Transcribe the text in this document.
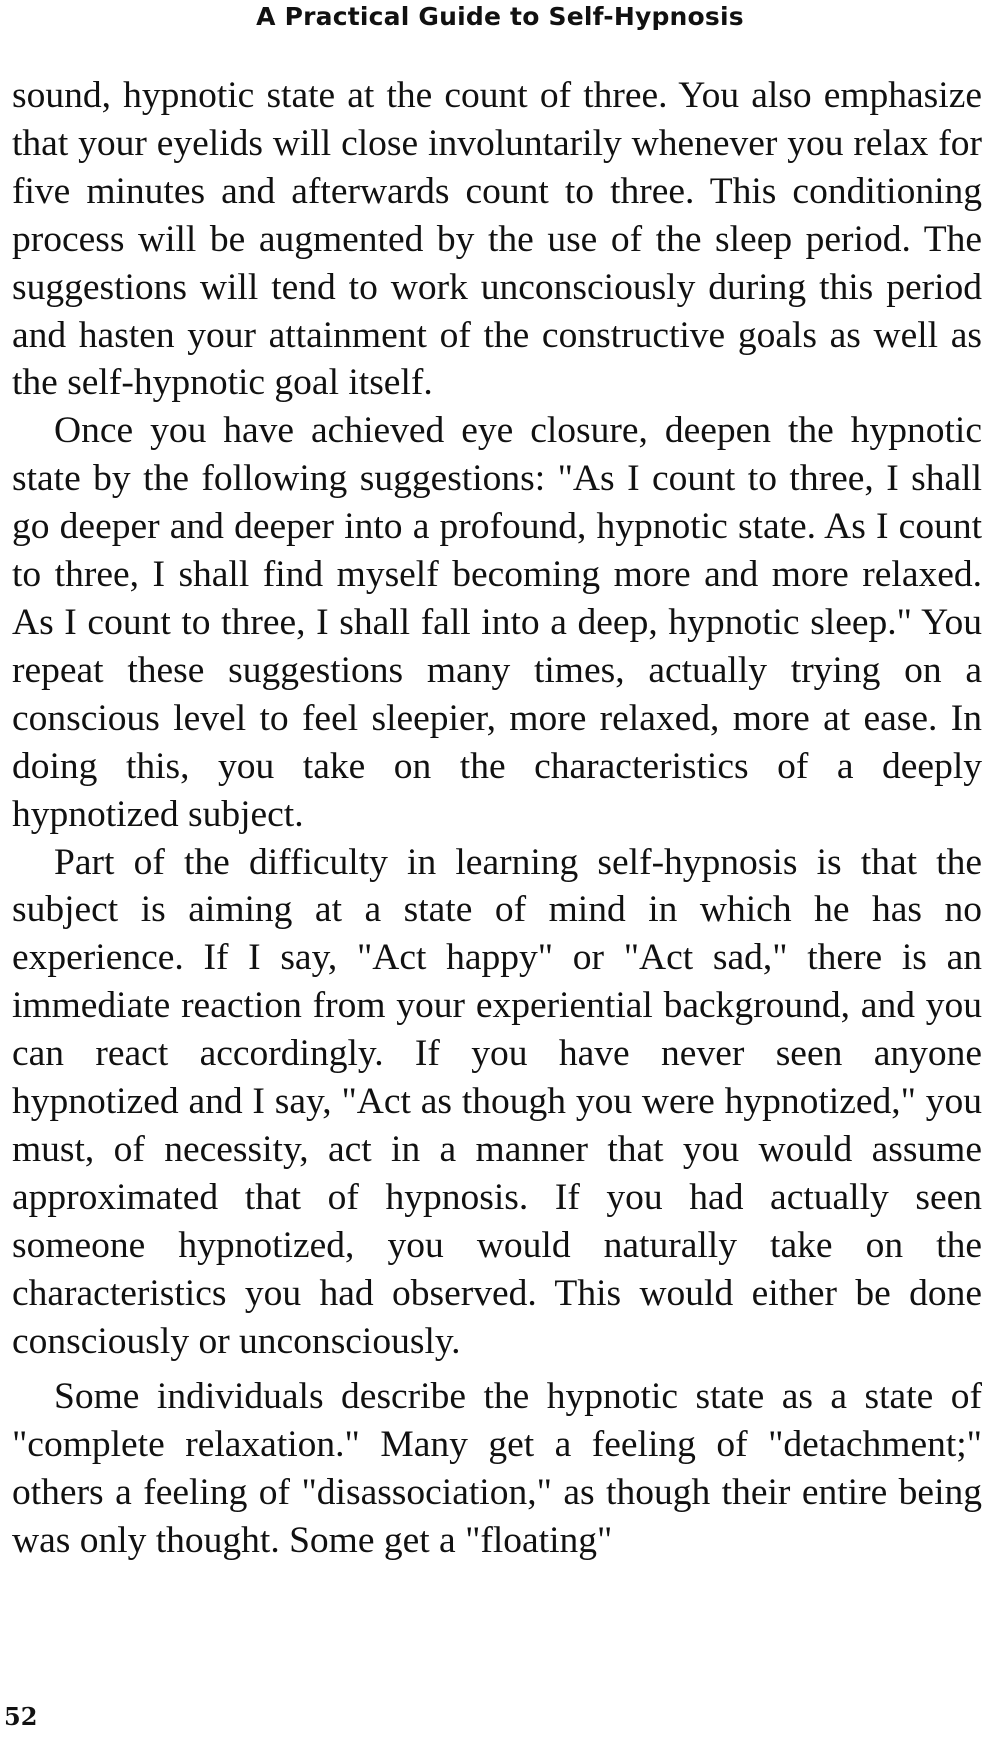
A Practical Guide to Self-Hypnosis

sound, hypnotic state at the count of three. You also emphasize that your eyelids will close involuntarily whenever you relax for five minutes and afterwards count to three. This conditioning process will be augmented by the use of the sleep period. The suggestions will tend to work unconsciously during this period and hasten your attainment of the constructive goals as well as the self-hypnotic goal itself.

Once you have achieved eye closure, deepen the hypnotic state by the following suggestions: "As I count to three, I shall go deeper and deeper into a profound, hypnotic state. As I count to three, I shall find myself becoming more and more relaxed. As I count to three, I shall fall into a deep, hypnotic sleep." You repeat these suggestions many times, actually trying on a conscious level to feel sleepier, more relaxed, more at ease. In doing this, you take on the characteristics of a deeply hypnotized subject.

Part of the difficulty in learning self-hypnosis is that the subject is aiming at a state of mind in which he has no experience. If I say, "Act happy" or "Act sad," there is an immediate reaction from your experiential background, and you can react accordingly. If you have never seen anyone hypnotized and I say, "Act as though you were hypnotized," you must, of necessity, act in a manner that you would assume approximated that of hypnosis. If you had actually seen someone hypnotized, you would naturally take on the characteristics you had observed. This would either be done consciously or unconsciously.

Some individuals describe the hypnotic state as a state of "complete relaxation." Many get a feeling of "detachment;" others a feeling of "disassociation," as though their entire being was only thought. Some get a "floating"

52
